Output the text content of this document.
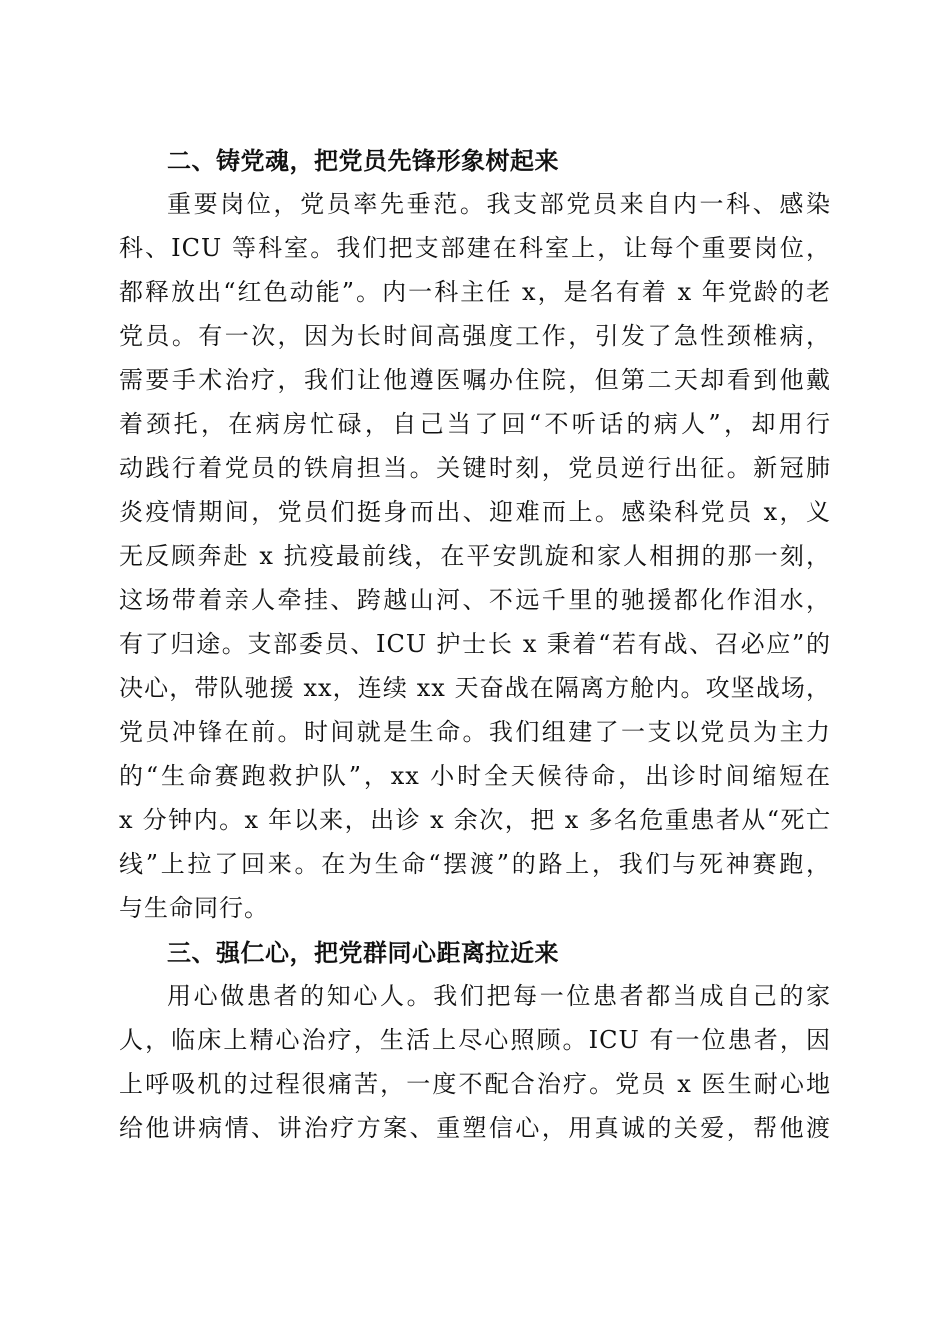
二、铸党魂，把党员先锋形象树起来
重要岗位，党员率先垂范。我支部党员来自内一科、感染
科、ICU 等科室。我们把支部建在科室上，让每个重要岗位，
都释放出“红色动能”。内一科主任 x，是名有着 x 年党龄的老
党员。有一次，因为长时间高强度工作，引发了急性颈椎病，
需要手术治疗，我们让他遵医嘱办住院，但第二天却看到他戴
着颈托，在病房忙碌，自己当了回“不听话的病人”，却用行
动践行着党员的铁肩担当。关键时刻，党员逆行出征。新冠肺
炎疫情期间，党员们挺身而出、迎难而上。感染科党员 x，义
无反顾奔赴 x 抗疫最前线，在平安凯旋和家人相拥的那一刻，
这场带着亲人牵挂、跨越山河、不远千里的驰援都化作泪水，
有了归途。支部委员、ICU 护士长 x 秉着“若有战、召必应”的
决心，带队驰援 xx，连续 xx 天奋战在隔离方舱内。攻坚战场，
党员冲锋在前。时间就是生命。我们组建了一支以党员为主力
的“生命赛跑救护队”，xx 小时全天候待命，出诊时间缩短在
x 分钟内。x 年以来，出诊 x 余次，把 x 多名危重患者从“死亡
线”上拉了回来。在为生命“摆渡”的路上，我们与死神赛跑，
与生命同行。
三、强仁心，把党群同心距离拉近来
用心做患者的知心人。我们把每一位患者都当成自己的家
人，临床上精心治疗，生活上尽心照顾。ICU 有一位患者，因
上呼吸机的过程很痛苦，一度不配合治疗。党员 x 医生耐心地
给他讲病情、讲治疗方案、重塑信心，用真诚的关爱，帮他渡
